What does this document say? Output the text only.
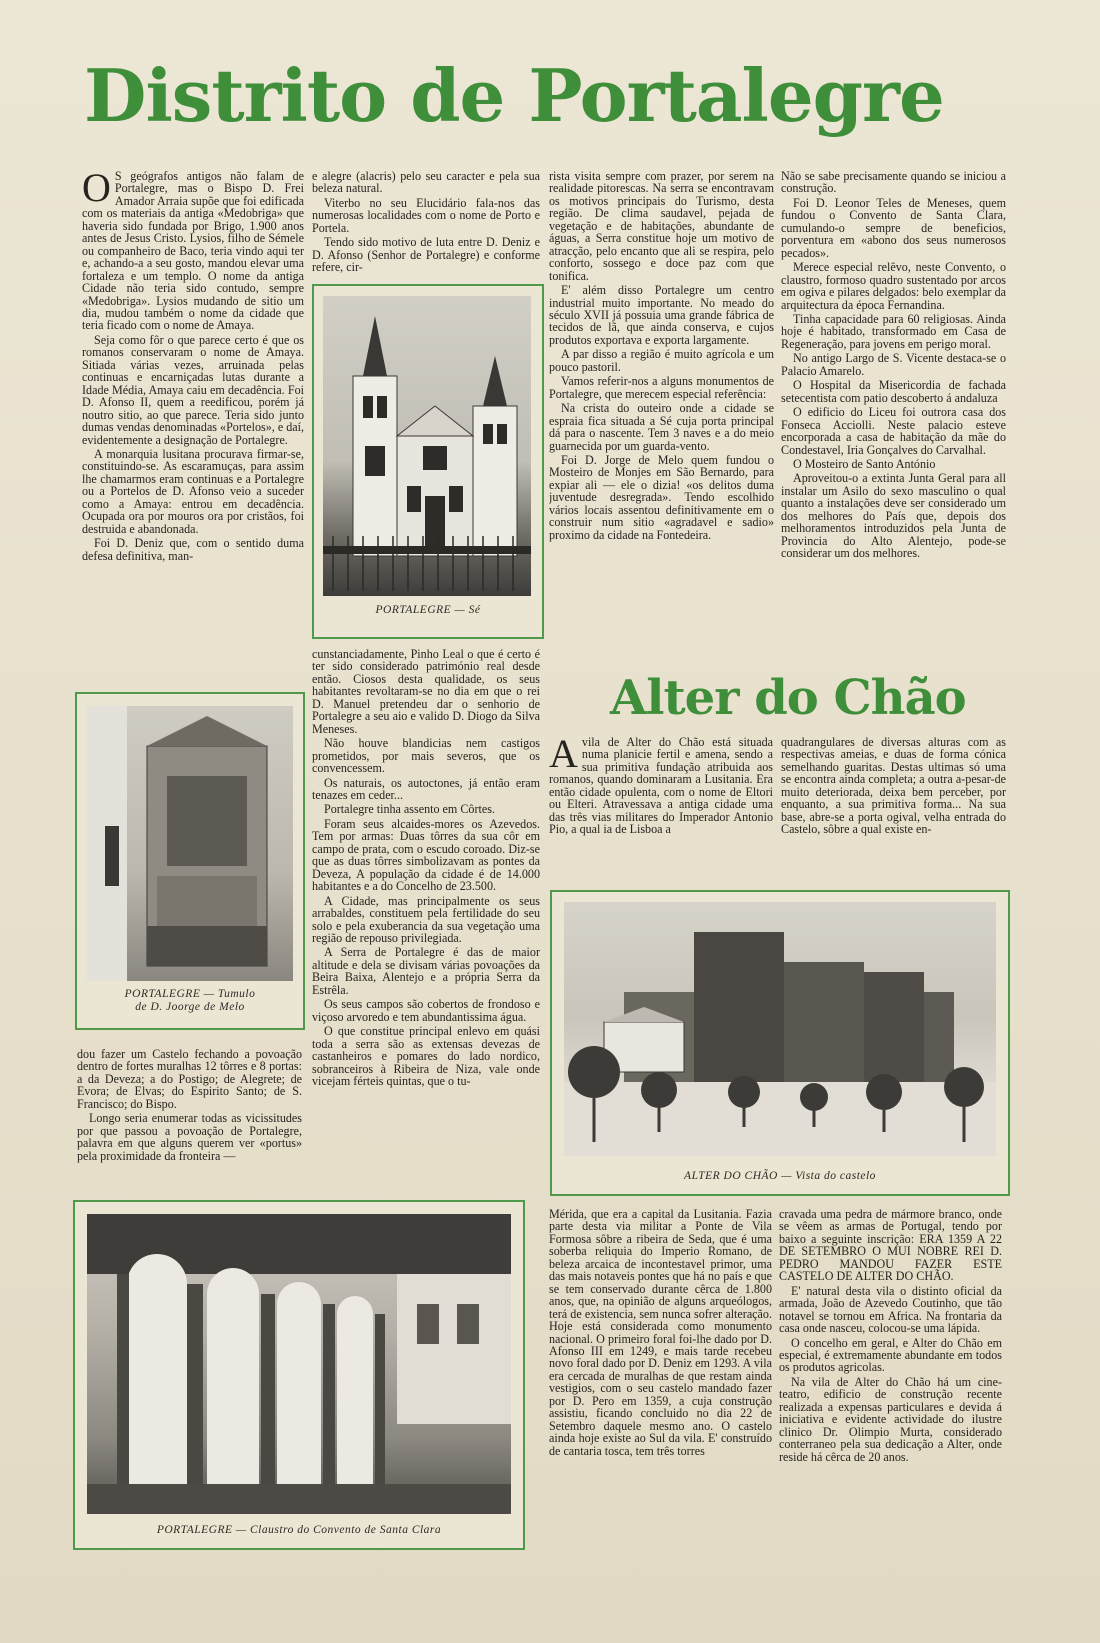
Distrito de Portalegre
O S geógrafos antigos não falam de Portalegre, mas o Bispo D. Frei Amador Arraia supõe que foi edificada com os materiais da antiga «Medobriga» que haveria sido fundada por Brigo, 1.900 anos antes de Jesus Cristo. Lysios, filho de Sémele ou companheiro de Baco, teria vindo aqui ter e, achando-a a seu gosto, mandou elevar uma fortaleza e um templo. O nome da antiga Cidade não teria sido contudo, sempre «Medobriga». Lysios mudando de sitio um dia, mudou também o nome da cidade que teria ficado com o nome de Amaya.

Seja como fôr o que parece certo é que os romanos conservaram o nome de Amaya. Sitiada várias vezes, arruinada pelas continuas e encarniçadas lutas durante a Idade Média, Amaya caiu em decadência. Foi D. Afonso II, quem a reedificou, porém já noutro sitio, ao que parece. Teria sido junto dumas vendas denominadas «Portelos», e daí, evidentemente a designação de Portalegre.

A monarquia lusitana procurava firmar-se, constituindo-se. As escaramuças, para assim lhe chamarmos eram continuas e a Portalegre ou a Portelos de D. Afonso veio a suceder como a Amaya: entrou em decadência. Ocupada ora por mouros ora por cristãos, foi destruida e abandonada.

Foi D. Deniz que, com o sentido duma defesa definitiva, man-

e alegre (alacris) pelo seu caracter e pela sua beleza natural.

Viterbo no seu Elucidário fala-nos das numerosas localidades com o nome de Porto e Portela.

Tendo sido motivo de luta entre D. Deniz e D. Afonso (Senhor de Portalegre) e conforme refere, cir-

PORTALEGRE — Sé

cunstanciadamente, Pinho Leal o que é certo é ter sido considerado património real desde então. Ciosos desta qualidade, os seus habitantes revoltaram-se no dia em que o rei D. Manuel pretendeu dar o senhorio de Portalegre a seu aio e valido D. Diogo da Silva Meneses.

Não houve blandicias nem castigos prometidos, por mais severos, que os convencessem.

Os naturais, os autoctones, já então eram tenazes em ceder...

Portalegre tinha assento em Côrtes.

Foram seus alcaides-mores os Azevedos. Tem por armas: Duas tôrres da sua côr em campo de prata, com o escudo coroado. Diz-se que as duas tôrres simbolizavam as pontes da Deveza, A população da cidade é de 14.000 habitantes e a do Concelho de 23.500.

A Cidade, mas principalmente os seus arrabaldes, constituem pela fertilidade do seu solo e pela exuberancia da sua vegetação uma região de repouso privilegiada.

A Serra de Portalegre é das de maior altitude e dela se divisam várias povoações da Beira Baixa, Alentejo e a própria Serra da Estrêla.

Os seus campos são cobertos de frondoso e viçoso arvoredo e tem abundantissima água.

O que constitue principal enlevo em quási toda a serra são as extensas devezas de castanheiros e pomares do lado nordico, sobranceiros à Ribeira de Niza, vale onde vicejam férteis quintas, que o tu-

PORTALEGRE — Tumulo
de D. Joorge de Melo

dou fazer um Castelo fechando a povoação dentro de fortes muralhas 12 tôrres e 8 portas: a da Deveza; a do Postigo; de Alegrete; de Evora; de Elvas; do Espirito Santo; de S. Francisco; do Bispo.

Longo seria enumerar todas as vicissitudes por que passou a povoação de Portalegre, palavra em que alguns querem ver «portus» pela proximidade da fronteira —

rista visita sempre com prazer, por serem na realidade pitorescas. Na serra se encontravam os motivos principais do Turismo, desta região. De clima saudavel, pejada de vegetação e de habitações, abundante de águas, a Serra constitue hoje um motivo de atracção, pelo encanto que ali se respira, pelo conforto, sossego e doce paz com que tonifica.

E' além disso Portalegre um centro industrial muito importante. No meado do século XVII já possuia uma grande fábrica de tecidos de lã, que ainda conserva, e cujos produtos exportava e exporta largamente.

A par disso a região é muito agrícola e um pouco pastoril.

Vamos referir-nos a alguns monumentos de Portalegre, que merecem especial referência:

Na crista do outeiro onde a cidade se espraia fica situada a Sé cuja porta principal dá para o nascente. Tem 3 naves e a do meio guarnecida por um guarda-vento.

Foi D. Jorge de Melo quem fundou o Mosteiro de Monjes em São Bernardo, para expiar ali — ele o dizia! «os delitos duma juventude desregrada». Tendo escolhido vários locais assentou definitivamente em o construir num sitio «agradavel e sadio» proximo da cidade na Fontedeira.

Não se sabe precisamente quando se iniciou a construção.

Foi D. Leonor Teles de Meneses, quem fundou o Convento de Santa Clara, cumulando-o sempre de beneficios, porventura em «abono dos seus numerosos pecados».

Merece especial relêvo, neste Convento, o claustro, formoso quadro sustentado por arcos em ogiva e pilares delgados: belo exemplar da arquitectura da época Fernandina.

Tinha capacidade para 60 religiosas. Ainda hoje é habitado, transformado em Casa de Regeneração, para jovens em perigo moral.

No antigo Largo de S. Vicente destaca-se o Palacio Amarelo.

O Hospital da Misericordia de fachada setecentista com patio descoberto á andaluza

O edificio do Liceu foi outrora casa dos Fonseca Acciolli. Neste palacio esteve encorporada a casa de habitação da mãe do Condestavel, Iria Gonçalves do Carvalhal.

O Mosteiro de Santo António

Aproveitou-o a extinta Junta Geral para all instalar um Asilo do sexo masculino o qual quanto a instalações deve ser considerado um dos melhores do País que, depois dos melhoramentos introduzidos pela Junta de Provincia do Alto Alentejo, pode-se considerar um dos melhores.

Alter do Chão
A vila de Alter do Chão está situada numa planicie fertil e amena, sendo a sua primitiva fundação atribuida aos romanos, quando dominaram a Lusitania. Era então cidade opulenta, com o nome de Eltori ou Elteri. Atravessava a antiga cidade uma das três vias militares do Imperador Antonio Pio, a qual ia de Lisboa a

quadrangulares de diversas alturas com as respectivas ameias, e duas de forma cónica semelhando guaritas. Destas ultimas só uma se encontra ainda completa; a outra a-pesar-de muito deteriorada, deixa bem perceber, por enquanto, a sua primitiva forma... Na sua base, abre-se a porta ogival, velha entrada do Castelo, sôbre a qual existe en-

ALTER DO CHÃO — Vista do castelo
PORTALEGRE — Claustro do Convento de Santa Clara

Mérida, que era a capital da Lusitania. Fazia parte desta via militar a Ponte de Vila Formosa sôbre a ribeira de Seda, que é uma soberba reliquia do Imperio Romano, de beleza arcaica de incontestavel primor, uma das mais notaveis pontes que há no país e que se tem conservado durante cêrca de 1.800 anos, que, na opinião de alguns arqueólogos, terá de existencia, sem nunca sofrer alteração. Hoje está considerada como monumento nacional. O primeiro foral foi-lhe dado por D. Afonso III em 1249, e mais tarde recebeu novo foral dado por D. Deniz em 1293. A vila era cercada de muralhas de que restam ainda vestigios, com o seu castelo mandado fazer por D. Pero em 1359, a cuja construção assistiu, ficando concluido no dia 22 de Setembro daquele mesmo ano. O castelo ainda hoje existe ao Sul da vila. E' construído de cantaria tosca, tem três torres

cravada uma pedra de mármore branco, onde se vêem as armas de Portugal, tendo por baixo a seguinte inscrição: ERA 1359 A 22 DE SETEMBRO O MUI NOBRE REI D. PEDRO MANDOU FAZER ESTE CASTELO DE ALTER DO CHÃO.

E' natural desta vila o distinto oficial da armada, João de Azevedo Coutinho, que tão notavel se tornou em Africa. Na frontaria da casa onde nasceu, colocou-se uma lápida.

O concelho em geral, e Alter do Chão em especial, é extremamente abundante em todos os produtos agricolas.

Na vila de Alter do Chão há um cine-teatro, edificio de construção recente realizada a expensas particulares e devida á iniciativa e evidente actividade do ilustre clinico Dr. Olimpio Murta, considerado conterraneo pela sua dedicação a Alter, onde reside há cêrca de 20 anos.
